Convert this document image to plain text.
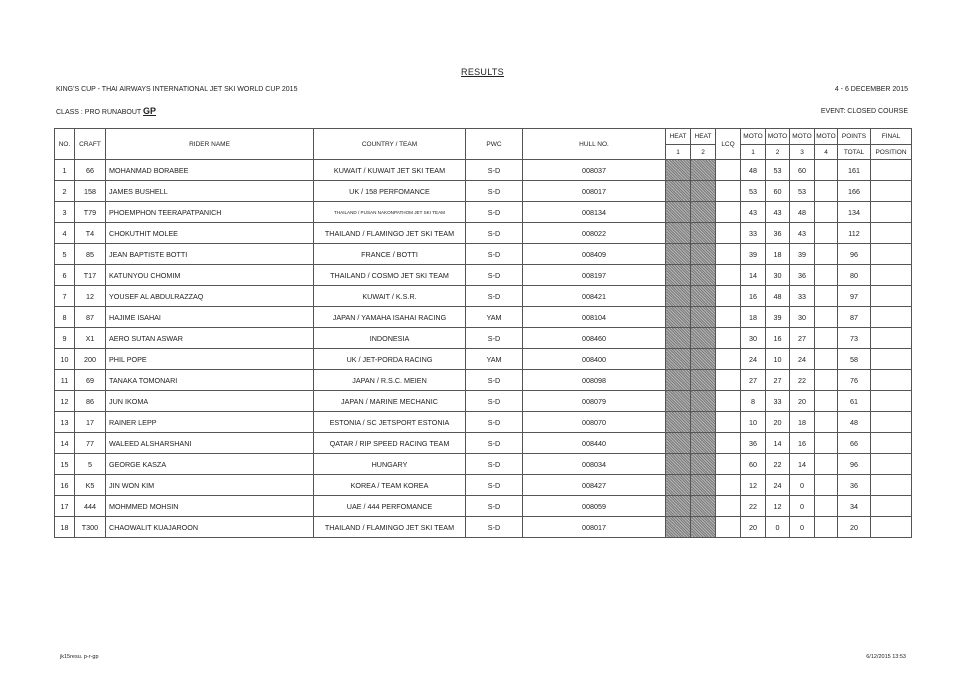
RESULTS
KING'S CUP - THAI AIRWAYS INTERNATIONAL JET SKI WORLD CUP 2015	4 - 6 DECEMBER 2015
CLASS : PRO RUNABOUT GP	EVENT: CLOSED COURSE
NO.	CRAFT	RIDER NAME	COUNTRY / TEAM	PWC	HULL NO.	HEAT	HEAT	LCQ	MOTO	MOTO	MOTO	MOTO	POINTS	FINAL
						1	2		1	2	3	4	TOTAL	POSITION
1	66	MOHANMAD BORABEE	KUWAIT / KUWAIT JET SKI TEAM	S-D	008037				48	53	60		161	
2	158	JAMES BUSHELL	UK / 158 PERFOMANCE	S-D	008017				53	60	53		166	
3	T79	PHOEMPHON TEERAPATPANICH	THAILAND / PUSAN NAKONPATHOM JET SKI TEAM	S-D	008134				43	43	48		134	
4	T4	CHOKUTHIT MOLEE	THAILAND / FLAMINGO JET SKI TEAM	S-D	008022				33	36	43		112	
5	85	JEAN BAPTISTE BOTTI	FRANCE / BOTTI	S-D	008409				39	18	39		96	
6	T17	KATUNYOU CHOMIM	THAILAND / COSMO JET SKI TEAM	S-D	008197				14	30	36		80	
7	12	YOUSEF AL ABDULRAZZAQ	KUWAIT / K.S.R.	S-D	008421				16	48	33		97	
8	87	HAJIME ISAHAI	JAPAN / YAMAHA ISAHAI RACING	YAM	008104				18	39	30		87	
9	X1	AERO SUTAN ASWAR	INDONESIA	S-D	008460				30	16	27		73	
10	200	PHIL POPE	UK / JET-PORDA RACING	YAM	008400				24	10	24		58	
11	69	TANAKA TOMONARI	JAPAN / R.S.C. MEIEN	S-D	008098				27	27	22		76	
12	86	JUN IKOMA	JAPAN / MARINE MECHANIC	S-D	008079				8	33	20		61	
13	17	RAINER LEPP	ESTONIA / SC JETSPORT ESTONIA	S-D	008070				10	20	18		48	
14	77	WALEED ALSHARSHANI	QATAR / RIP SPEED RACING TEAM	S-D	008440				36	14	16		66	
15	5	GEORGE KASZA	HUNGARY	S-D	008034				60	22	14		96	
16	K5	JIN WON KIM	KOREA / TEAM KOREA	S-D	008427				12	24	0		36	
17	444	MOHMMED MOHSIN	UAE / 444 PERFOMANCE	S-D	008059				22	12	0		34	
18	T300	CHAOWALIT KUAJAROON	THAILAND / FLAMINGO JET SKI TEAM	S-D	008017				20	0	0		20	
jk15resu. p-r-gp	6/12/2015 13:53
